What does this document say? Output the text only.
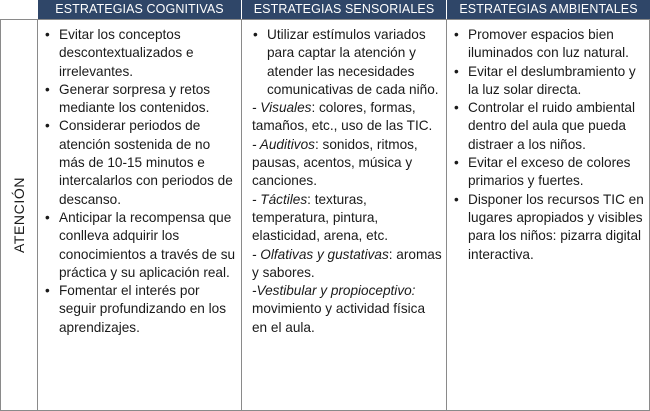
ESTRATEGIAS COGNITIVAS	ESTRATEGIAS SENSORIALES	ESTRATEGIAS AMBIENTALES
ATENCIÓN
• Evitar los conceptos descontextualizados e irrelevantes.
• Generar sorpresa y retos mediante los contenidos.
• Considerar periodos de atención sostenida de no más de 10-15 minutos e intercalarlos con periodos de descanso.
• Anticipar la recompensa que conlleva adquirir los conocimientos a través de su práctica y su aplicación real.
• Fomentar el interés por seguir profundizando en los aprendizajes.
• Utilizar estímulos variados para captar la atención y atender las necesidades comunicativas de cada niño.
- Visuales: colores, formas, tamaños, etc., uso de las TIC.
- Auditivos: sonidos, ritmos, pausas, acentos, música y canciones.
- Táctiles: texturas, temperatura, pintura, elasticidad, arena, etc.
- Olfativas y gustativas: aromas y sabores.
-Vestibular y propioceptivo: movimiento y actividad física en el aula.
• Promover espacios bien iluminados con luz natural.
• Evitar el deslumbramiento y la luz solar directa.
• Controlar el ruido ambiental dentro del aula que pueda distraer a los niños.
• Evitar el exceso de colores primarios y fuertes.
• Disponer los recursos TIC en lugares apropiados y visibles para los niños: pizarra digital interactiva.
